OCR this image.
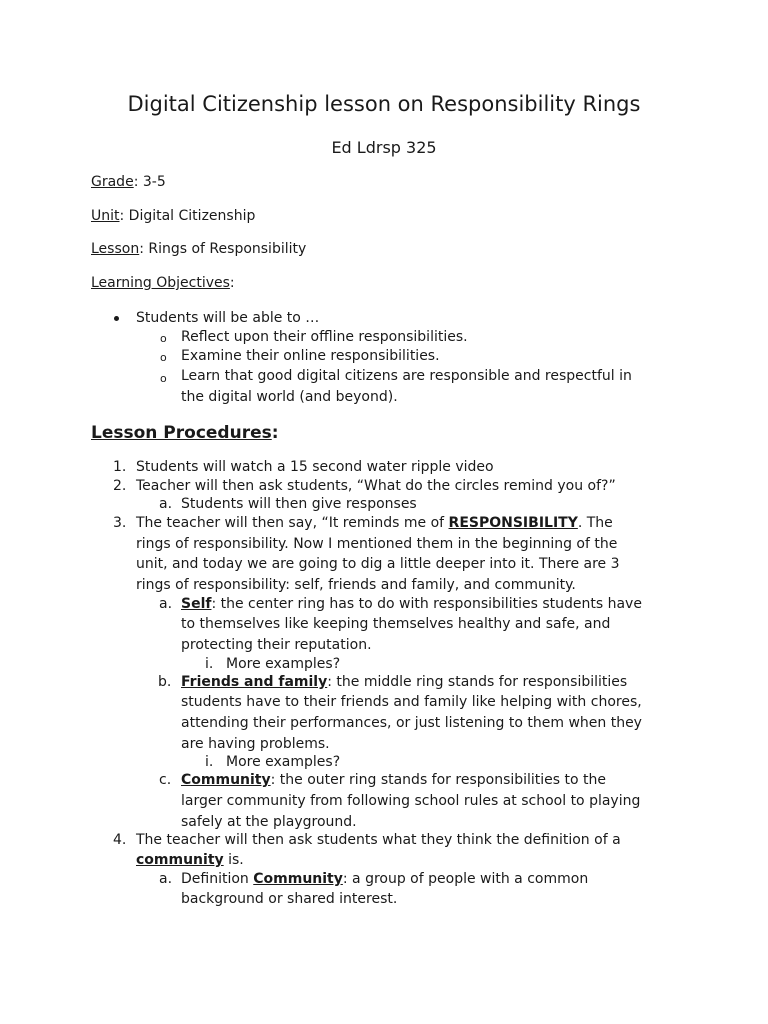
Digital Citizenship lesson on Responsibility Rings
Ed Ldrsp 325
Grade: 3-5
Unit: Digital Citizenship
Lesson: Rings of Responsibility
Learning Objectives:
Students will be able to …
o Reflect upon their offline responsibilities.
o Examine their online responsibilities.
o Learn that good digital citizens are responsible and respectful in
the digital world (and beyond).
Lesson Procedures:
1. Students will watch a 15 second water ripple video
2. Teacher will then ask students, “What do the circles remind you of?”
a. Students will then give responses
3. The teacher will then say, “It reminds me of RESPONSIBILITY. The
rings of responsibility. Now I mentioned them in the beginning of the
unit, and today we are going to dig a little deeper into it. There are 3
rings of responsibility: self, friends and family, and community.
a. Self: the center ring has to do with responsibilities students have
to themselves like keeping themselves healthy and safe, and
protecting their reputation.
i. More examples?
b. Friends and family: the middle ring stands for responsibilities
students have to their friends and family like helping with chores,
attending their performances, or just listening to them when they
are having problems.
i. More examples?
c. Community: the outer ring stands for responsibilities to the
larger community from following school rules at school to playing
safely at the playground.
4. The teacher will then ask students what they think the definition of a
community is.
a. Definition Community: a group of people with a common
background or shared interest.
